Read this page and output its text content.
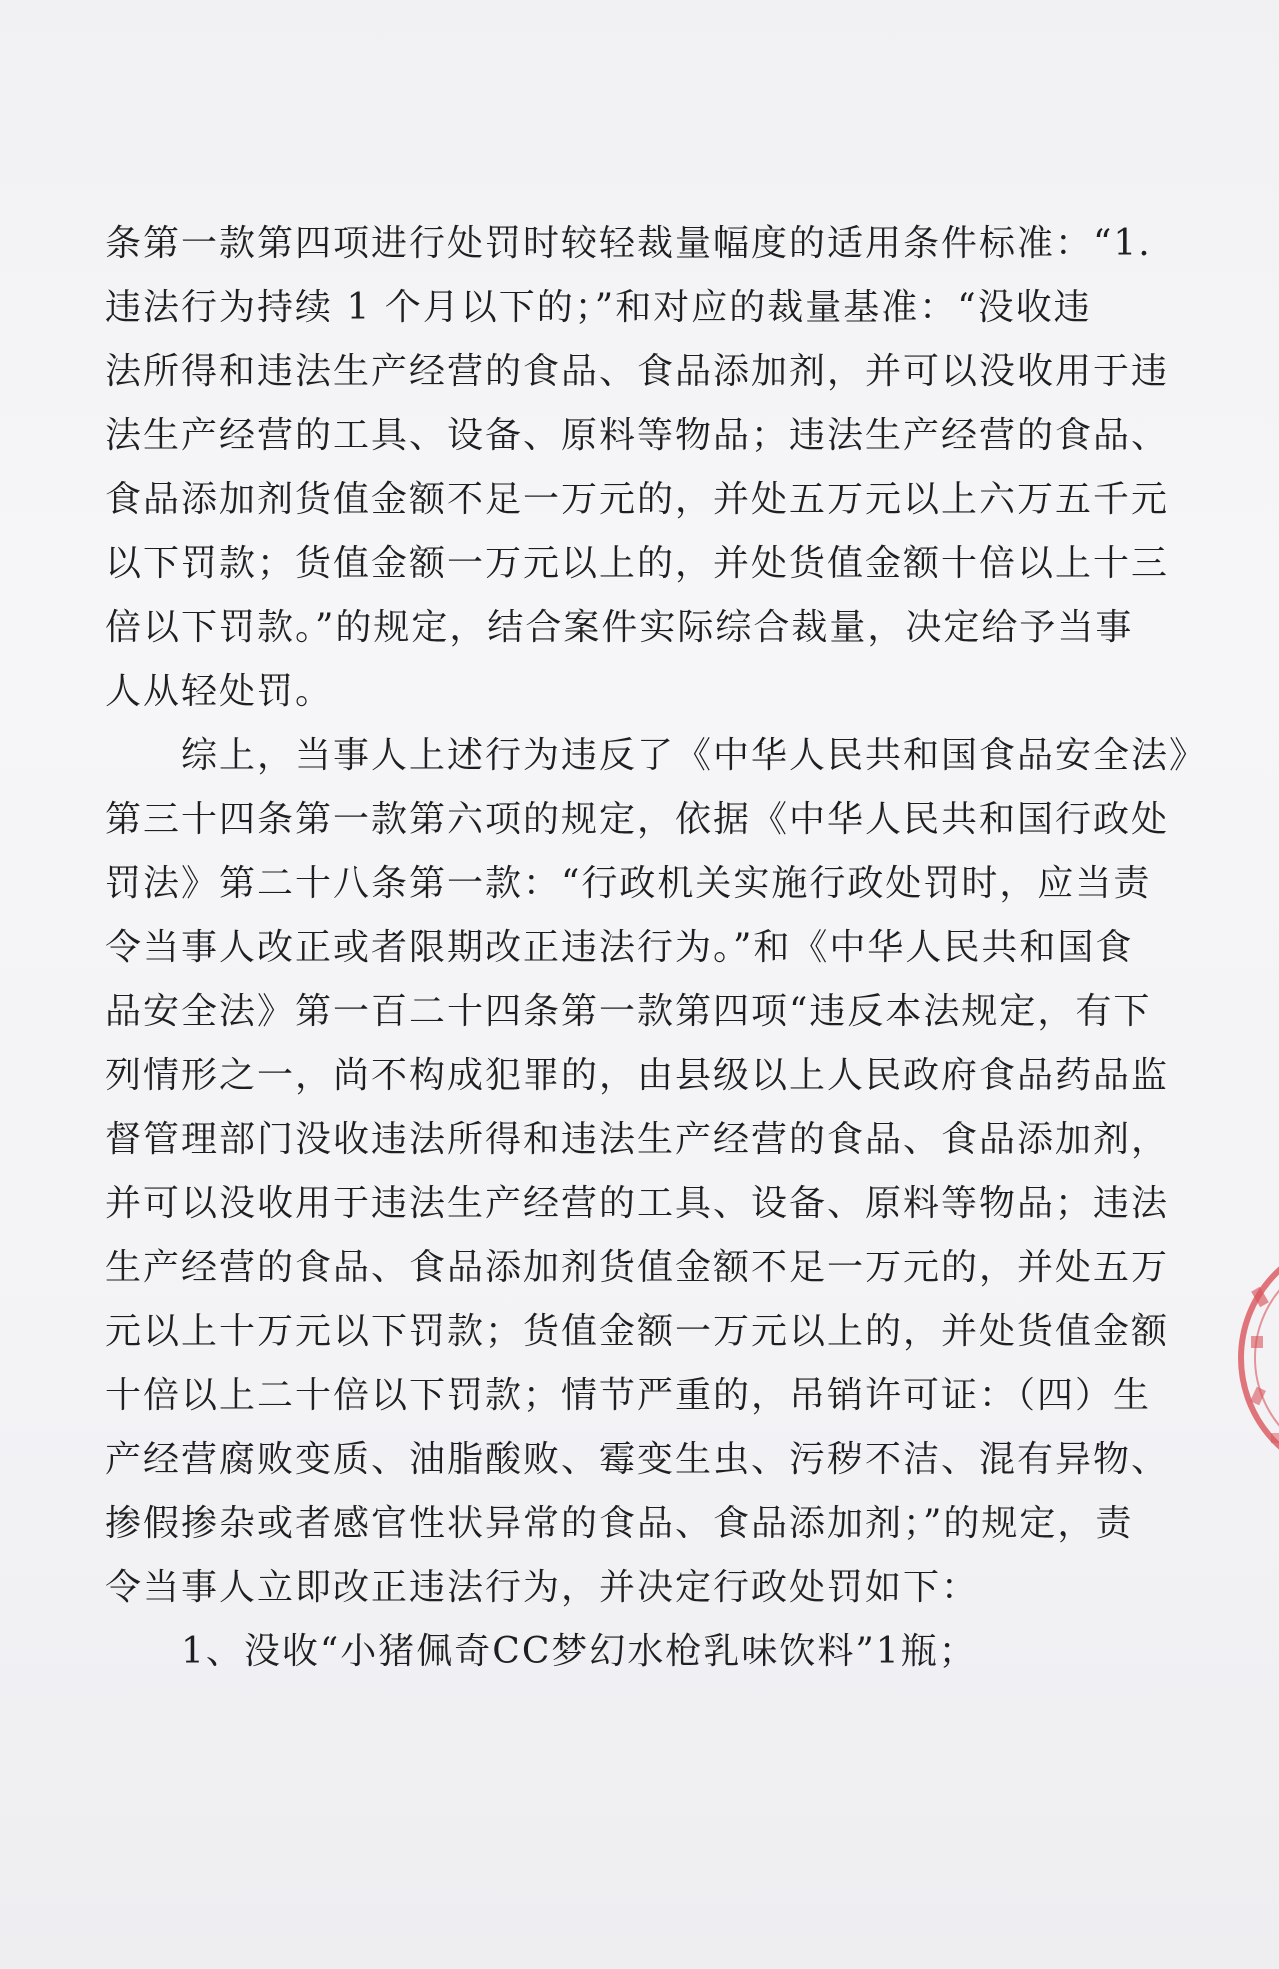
条第一款第四项进行处罚时较轻裁量幅度的适用条件标准：“1.
违法行为持续 1 个月以下的；”和对应的裁量基准：“没收违
法所得和违法生产经营的食品、食品添加剂，并可以没收用于违
法生产经营的工具、设备、原料等物品；违法生产经营的食品、
食品添加剂货值金额不足一万元的，并处五万元以上六万五千元
以下罚款；货值金额一万元以上的，并处货值金额十倍以上十三
倍以下罚款。”的规定，结合案件实际综合裁量，决定给予当事
人从轻处罚。
综上，当事人上述行为违反了《中华人民共和国食品安全法》
第三十四条第一款第六项的规定，依据《中华人民共和国行政处
罚法》第二十八条第一款：“行政机关实施行政处罚时，应当责
令当事人改正或者限期改正违法行为。”和《中华人民共和国食
品安全法》第一百二十四条第一款第四项“违反本法规定，有下
列情形之一，尚不构成犯罪的，由县级以上人民政府食品药品监
督管理部门没收违法所得和违法生产经营的食品、食品添加剂，
并可以没收用于违法生产经营的工具、设备、原料等物品；违法
生产经营的食品、食品添加剂货值金额不足一万元的，并处五万
元以上十万元以下罚款；货值金额一万元以上的，并处货值金额
十倍以上二十倍以下罚款；情节严重的，吊销许可证：（四）生
产经营腐败变质、油脂酸败、霉变生虫、污秽不洁、混有异物、
掺假掺杂或者感官性状异常的食品、食品添加剂；”的规定，责
令当事人立即改正违法行为，并决定行政处罚如下：
1、没收“小猪佩奇CC梦幻水枪乳味饮料”1瓶；
